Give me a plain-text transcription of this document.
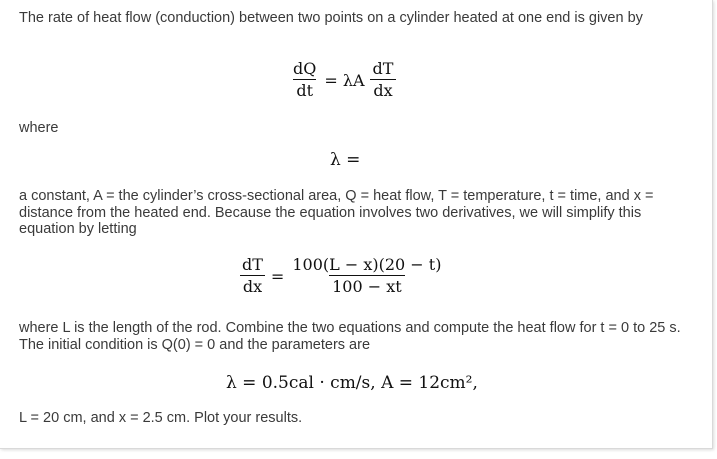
The rate of heat flow (conduction) between two points on a cylinder heated at one end is given by

$\frac{dQ}{dt} = \lambda A \frac{dT}{dx}$

where

λ =

a constant, A = the cylinder’s cross-sectional area, Q = heat flow, T = temperature, t = time, and x = distance from the heated end. Because the equation involves two derivatives, we will simplify this equation by letting

$\frac{dT}{dx} = \frac{100(L - x)(20 - t)}{100 - xt}$

where L is the length of the rod. Combine the two equations and compute the heat flow for t = 0 to 25 s. The initial condition is Q(0) = 0 and the parameters are

λ = 0.5cal · cm/s, A = 12cm²,

L = 20 cm, and x = 2.5 cm. Plot your results.
